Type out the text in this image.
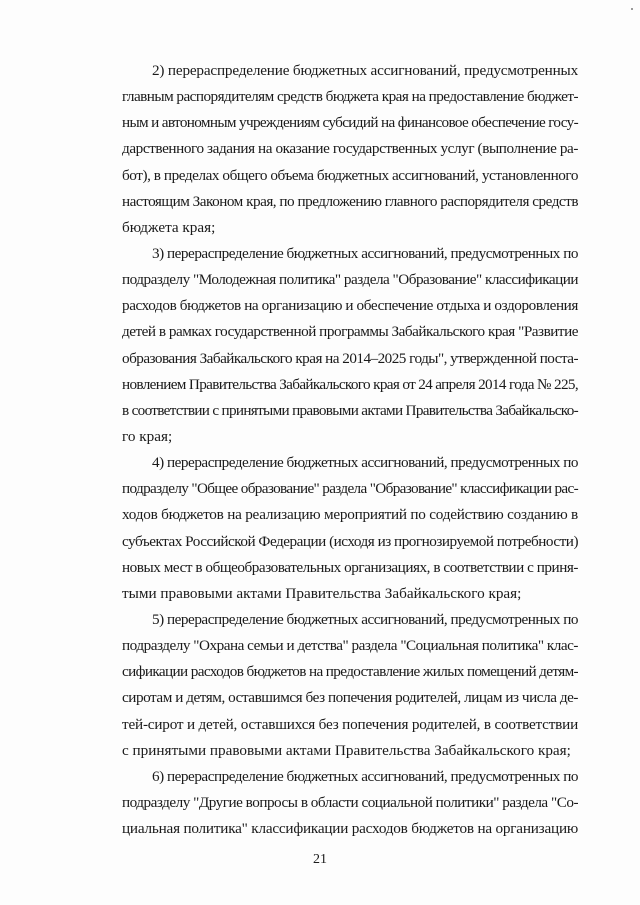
2) перераспределение бюджетных ассигнований, предусмотренных
главным распорядителям средств бюджета края на предоставление бюджет-
ным и автономным учреждениям субсидий на финансовое обеспечение госу-
дарственного задания на оказание государственных услуг (выполнение ра-
бот), в пределах общего объема бюджетных ассигнований, установленного
настоящим Законом края, по предложению главного распорядителя средств
бюджета края;

3) перераспределение бюджетных ассигнований, предусмотренных по
подразделу "Молодежная политика" раздела "Образование" классификации
расходов бюджетов на организацию и обеспечение отдыха и оздоровления
детей в рамках государственной программы Забайкальского края "Развитие
образования Забайкальского края на 2014–2025 годы", утвержденной поста-
новлением Правительства Забайкальского края от 24 апреля 2014 года № 225,
в соответствии с принятыми правовыми актами Правительства Забайкальско-
го края;

4) перераспределение бюджетных ассигнований, предусмотренных по
подразделу "Общее образование" раздела "Образование" классификации рас-
ходов бюджетов на реализацию мероприятий по содействию созданию в
субъектах Российской Федерации (исходя из прогнозируемой потребности)
новых мест в общеобразовательных организациях, в соответствии с приня-
тыми правовыми актами Правительства Забайкальского края;

5) перераспределение бюджетных ассигнований, предусмотренных по
подразделу "Охрана семьи и детства" раздела "Социальная политика" клас-
сификации расходов бюджетов на предоставление жилых помещений детям-
сиротам и детям, оставшимся без попечения родителей, лицам из числа де-
тей-сирот и детей, оставшихся без попечения родителей, в соответствии
с принятыми правовыми актами Правительства Забайкальского края;

6) перераспределение бюджетных ассигнований, предусмотренных по
подразделу "Другие вопросы в области социальной политики" раздела "Со-
циальная политика" классификации расходов бюджетов на организацию

21
